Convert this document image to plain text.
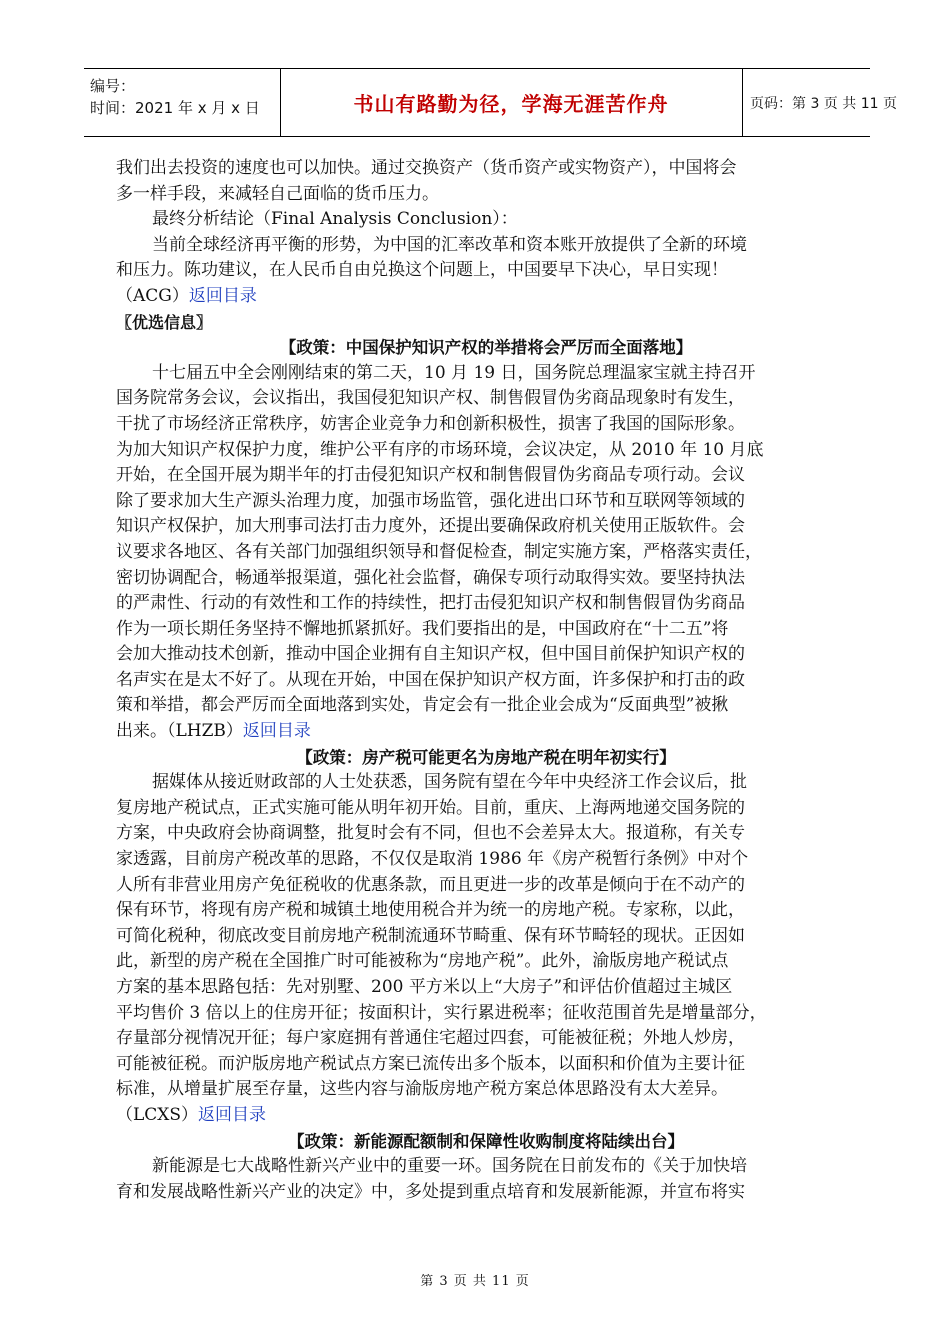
编号：
时间：2021 年 x 月 x 日	书山有路勤为径，学海无涯苦作舟	页码：第 3 页 共 11 页
我们出去投资的速度也可以加快。通过交换资产（货币资产或实物资产），中国将会
多一样手段，来减轻自己面临的货币压力。
最终分析结论（Final Analysis Conclusion）：
当前全球经济再平衡的形势，为中国的汇率改革和资本账开放提供了全新的环境
和压力。陈功建议，在人民币自由兑换这个问题上，中国要早下决心，早日实现！
（ACG）返回目录
〖优选信息〗
【政策：中国保护知识产权的举措将会严厉而全面落地】
十七届五中全会刚刚结束的第二天，10 月 19 日，国务院总理温家宝就主持召开
国务院常务会议，会议指出，我国侵犯知识产权、制售假冒伪劣商品现象时有发生，
干扰了市场经济正常秩序，妨害企业竞争力和创新积极性，损害了我国的国际形象。
为加大知识产权保护力度，维护公平有序的市场环境，会议决定，从 2010 年 10 月底
开始，在全国开展为期半年的打击侵犯知识产权和制售假冒伪劣商品专项行动。会议
除了要求加大生产源头治理力度，加强市场监管，强化进出口环节和互联网等领域的
知识产权保护，加大刑事司法打击力度外，还提出要确保政府机关使用正版软件。会
议要求各地区、各有关部门加强组织领导和督促检查，制定实施方案，严格落实责任，
密切协调配合，畅通举报渠道，强化社会监督，确保专项行动取得实效。要坚持执法
的严肃性、行动的有效性和工作的持续性，把打击侵犯知识产权和制售假冒伪劣商品
作为一项长期任务坚持不懈地抓紧抓好。我们要指出的是，中国政府在“十二五”将
会加大推动技术创新，推动中国企业拥有自主知识产权，但中国目前保护知识产权的
名声实在是太不好了。从现在开始，中国在保护知识产权方面，许多保护和打击的政
策和举措，都会严厉而全面地落到实处，肯定会有一批企业会成为“反面典型”被揪
出来。（LHZB）返回目录
【政策：房产税可能更名为房地产税在明年初实行】
据媒体从接近财政部的人士处获悉，国务院有望在今年中央经济工作会议后，批
复房地产税试点，正式实施可能从明年初开始。目前，重庆、上海两地递交国务院的
方案，中央政府会协商调整，批复时会有不同，但也不会差异太大。报道称，有关专
家透露，目前房产税改革的思路，不仅仅是取消 1986 年《房产税暂行条例》中对个
人所有非营业用房产免征税收的优惠条款，而且更进一步的改革是倾向于在不动产的
保有环节，将现有房产税和城镇土地使用税合并为统一的房地产税。专家称，以此，
可简化税种，彻底改变目前房地产税制流通环节畸重、保有环节畸轻的现状。正因如
此，新型的房产税在全国推广时可能被称为“房地产税”。此外，渝版房地产税试点
方案的基本思路包括：先对别墅、200 平方米以上“大房子”和评估价值超过主城区
平均售价 3 倍以上的住房开征；按面积计，实行累进税率；征收范围首先是增量部分，
存量部分视情况开征；每户家庭拥有普通住宅超过四套，可能被征税；外地人炒房，
可能被征税。而沪版房地产税试点方案已流传出多个版本，以面积和价值为主要计征
标准，从增量扩展至存量，这些内容与渝版房地产税方案总体思路没有太大差异。
（LCXS）返回目录
【政策：新能源配额制和保障性收购制度将陆续出台】
新能源是七大战略性新兴产业中的重要一环。国务院在日前发布的《关于加快培
育和发展战略性新兴产业的决定》中，多处提到重点培育和发展新能源，并宣布将实
第 3 页 共 11 页
